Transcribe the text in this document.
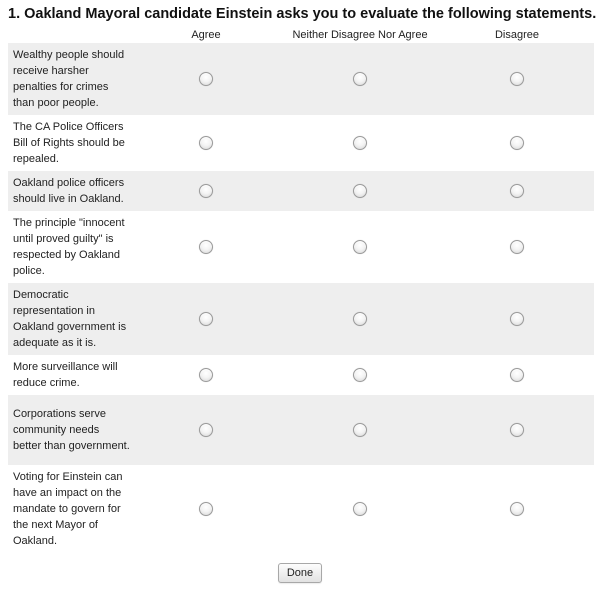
1. Oakland Mayoral candidate Einstein asks you to evaluate the following statements.
	Agree	Neither Disagree Nor Agree	Disagree
Wealthy people should receive harsher penalties for crimes than poor people.			
The CA Police Officers Bill of Rights should be repealed.			
Oakland police officers should live in Oakland.			
The principle "innocent until proved guilty" is respected by Oakland police.			
Democratic representation in Oakland government is adequate as it is.			
More surveillance will reduce crime.			
Corporations serve community needs better than government.			
Voting for Einstein can have an impact on the mandate to govern for the next Mayor of Oakland.			
Done
